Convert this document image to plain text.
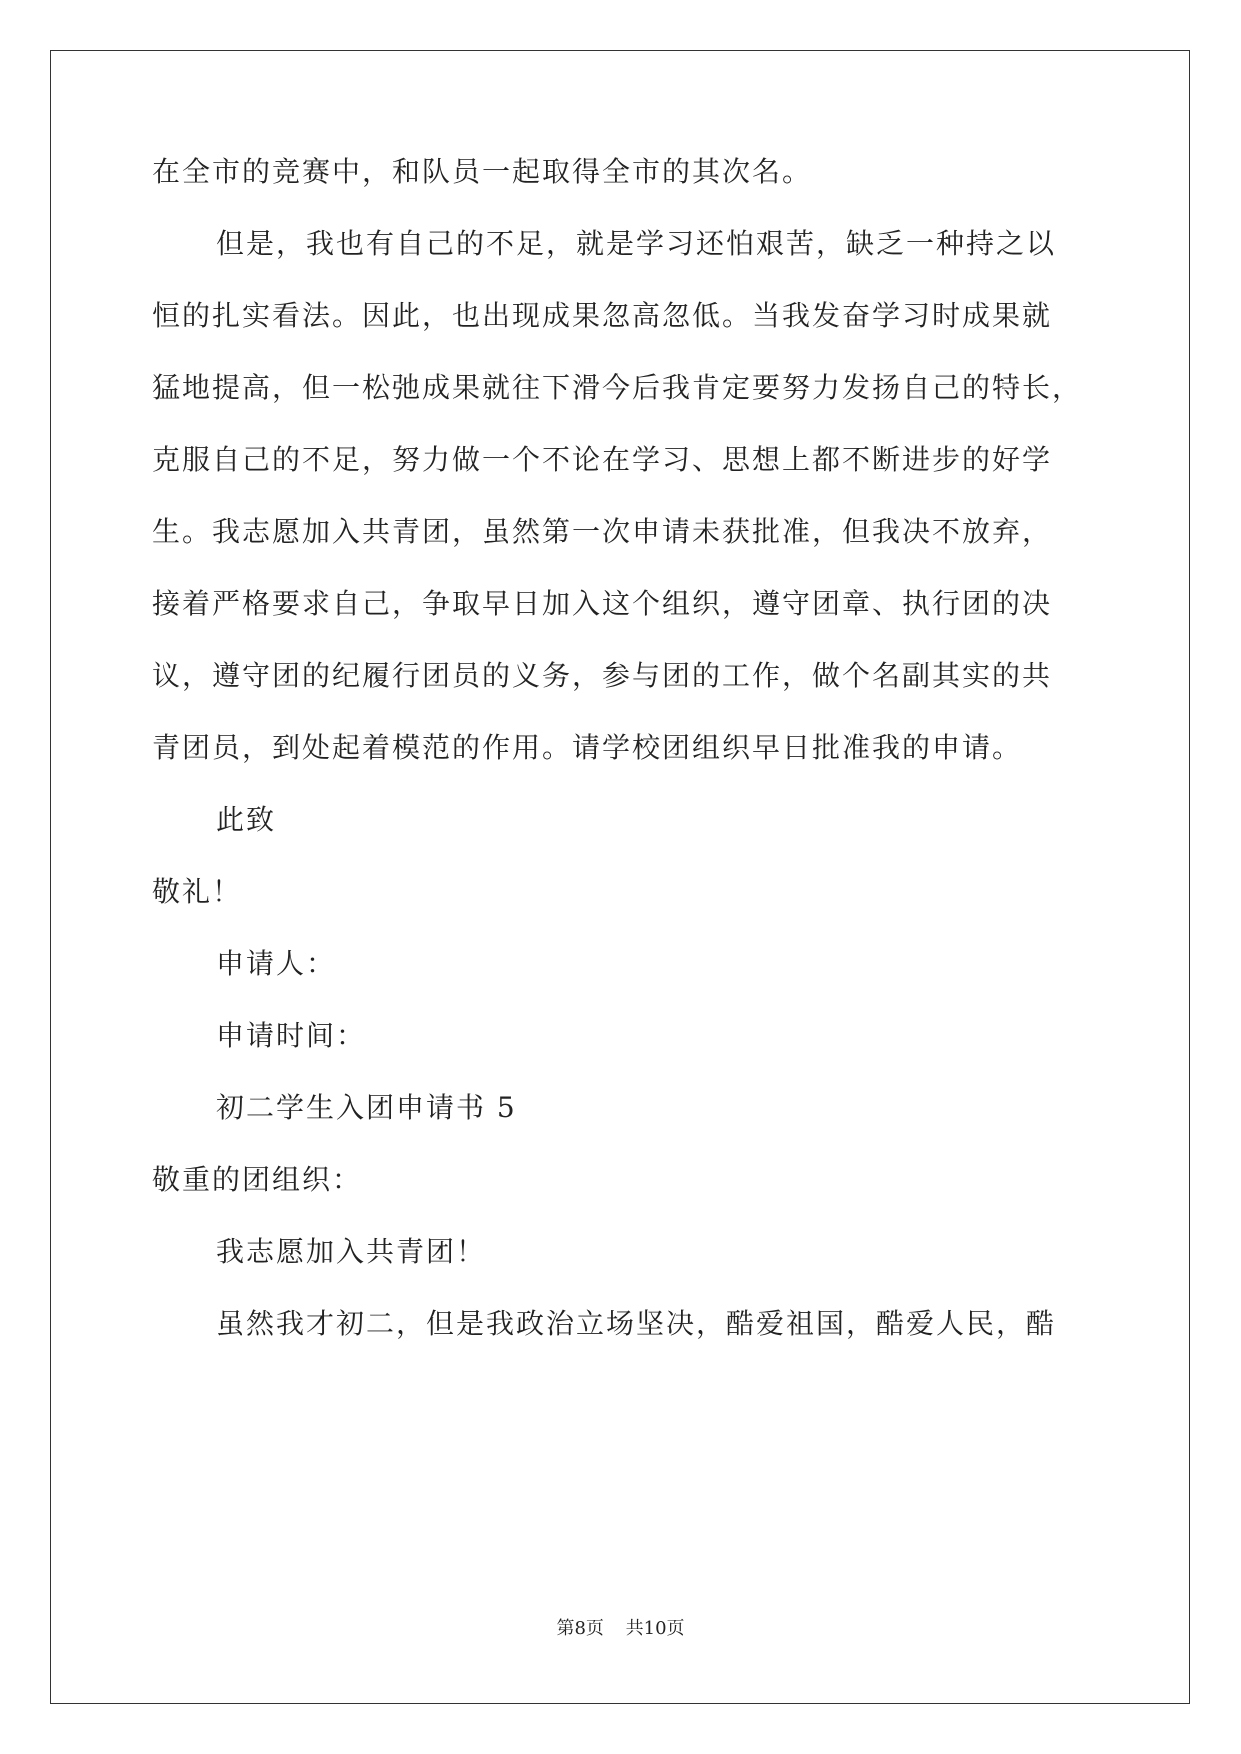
在全市的竞赛中，和队员一起取得全市的其次名。
但是，我也有自己的不足，就是学习还怕艰苦，缺乏一种持之以
恒的扎实看法。因此，也出现成果忽高忽低。当我发奋学习时成果就
猛地提高，但一松弛成果就往下滑今后我肯定要努力发扬自己的特长，
克服自己的不足，努力做一个不论在学习、思想上都不断进步的好学
生。我志愿加入共青团，虽然第一次申请未获批准，但我决不放弃，
接着严格要求自己，争取早日加入这个组织，遵守团章、执行团的决
议，遵守团的纪履行团员的义务，参与团的工作，做个名副其实的共
青团员，到处起着模范的作用。请学校团组织早日批准我的申请。
此致
敬礼！
申请人：
申请时间：
初二学生入团申请书 5
敬重的团组织：
我志愿加入共青团！
虽然我才初二，但是我政治立场坚决，酷爱祖国，酷爱人民，酷
第8页 共10页
